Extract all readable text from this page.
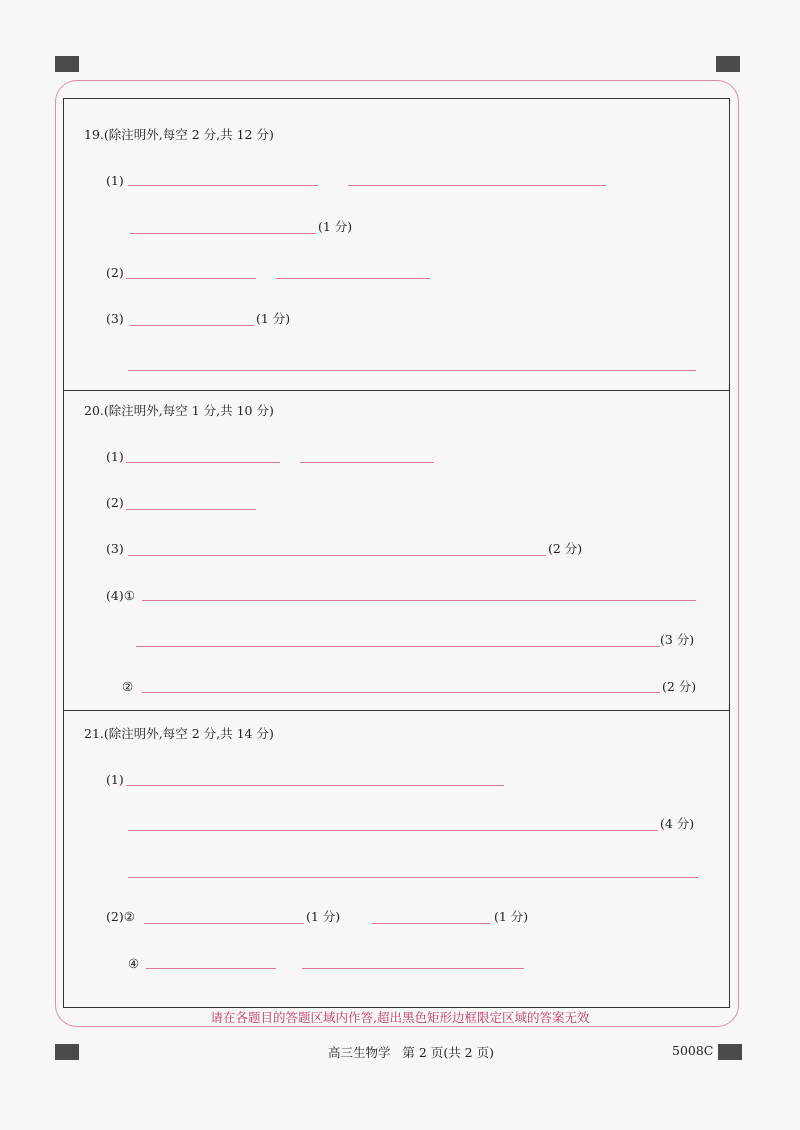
19.(除注明外,每空 2 分,共 12 分)
(1)
(1 分)
(2)
(3)	(1 分)
20.(除注明外,每空 1 分,共 10 分)
(1)
(2)
(3)	(2 分)
(4)①
(3 分)
②	(2 分)
21.(除注明外,每空 2 分,共 14 分)
(1)
(4 分)
(2)②	(1 分)	(1 分)
④
请在各题目的答题区域内作答,超出黑色矩形边框限定区域的答案无效
高三生物学   第 2 页(共 2 页)	5008C
